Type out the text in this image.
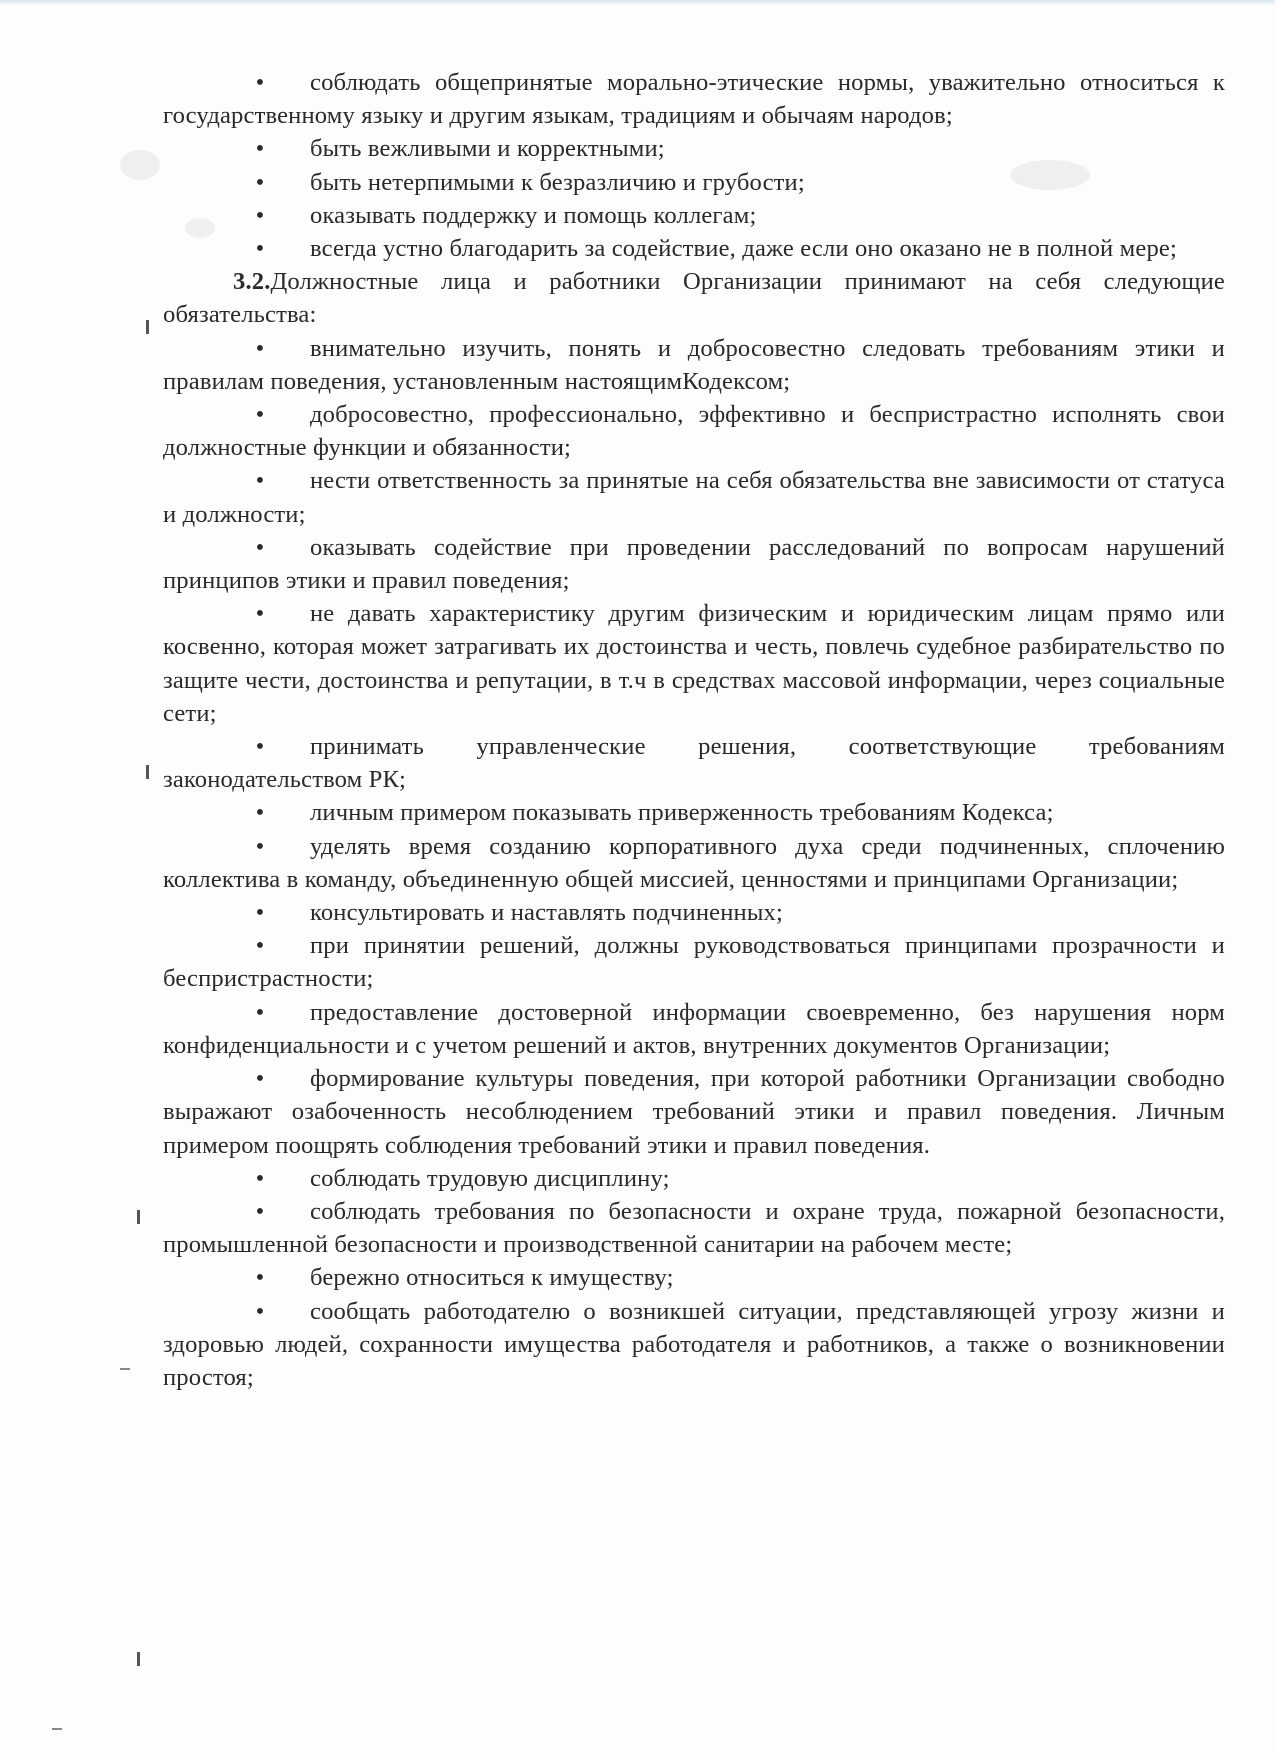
• соблюдать общепринятые морально-этические нормы, уважительно относиться к государственному языку и другим языкам, традициям и обычаям народов;

• быть вежливыми и корректными;

• быть нетерпимыми к безразличию и грубости;

• оказывать поддержку и помощь коллегам;

• всегда устно благодарить за содействие, даже если оно оказано не в полной мере;

3.2.Должностные лица и работники Организации принимают на себя следующие обязательства:

• внимательно изучить, понять и добросовестно следовать требованиям этики и правилам поведения, установленным настоящимКодексом;

• добросовестно, профессионально, эффективно и беспристрастно исполнять свои должностные функции и обязанности;

• нести ответственность за принятые на себя обязательства вне зависимости от статуса и должности;

• оказывать содействие при проведении расследований по вопросам нарушений принципов этики и правил поведения;

• не давать характеристику другим физическим и юридическим лицам прямо или косвенно, которая может затрагивать их достоинства и честь, повлечь судебное разбирательство по защите чести, достоинства и репутации, в т.ч в средствах массовой информации, через социальные сети;

• принимать управленческие решения, соответствующие требованиям законодательством РК;

• личным примером показывать приверженность требованиям Кодекса;

• уделять время созданию корпоративного духа среди подчиненных, сплочению коллектива в команду, объединенную общей миссией, ценностями и принципами Организации;

• консультировать и наставлять подчиненных;

• при принятии решений, должны руководствоваться принципами прозрачности и беспристрастности;

• предоставление достоверной информации своевременно, без нарушения норм конфиденциальности и с учетом решений и актов, внутренних документов Организации;

• формирование культуры поведения, при которой работники Организации свободно выражают озабоченность несоблюдением требований этики и правил поведения. Личным примером поощрять соблюдения требований этики и правил поведения.

• соблюдать трудовую дисциплину;

• соблюдать требования по безопасности и охране труда, пожарной безопасности, промышленной безопасности и производственной санитарии на рабочем месте;

• бережно относиться к имуществу;

• сообщать работодателю о возникшей ситуации, представляющей угрозу жизни и здоровью людей, сохранности имущества работодателя и работников, а также о возникновении простоя;
